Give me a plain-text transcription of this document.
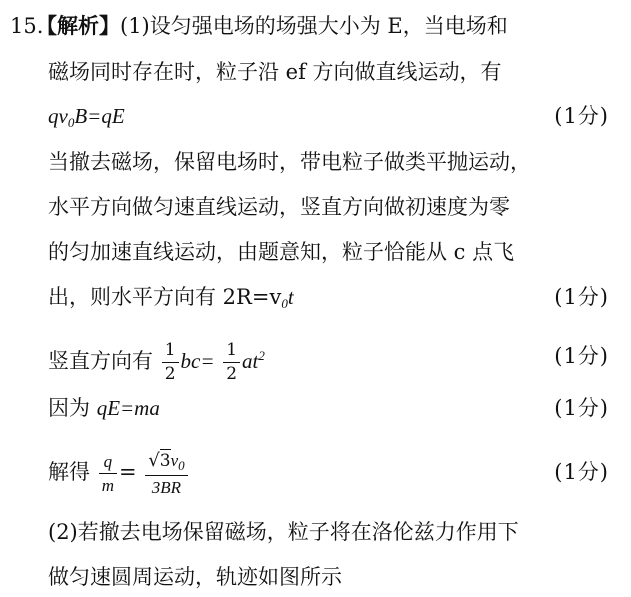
15.
【解析】(1)设匀强电场的场强大小为 E，当电场和
磁场同时存在时，粒子沿 ef 方向做直线运动，有
$qv_0B=qE$	(1分)
当撤去磁场，保留电场时，带电粒子做类平抛运动，
水平方向做匀速直线运动，竖直方向做初速度为零
的匀加速直线运动，由题意知，粒子恰能从 c 点飞
出，则水平方向有 $2R=v_0t$	(1分)
竖直方向有 $\frac{1}{2} bc= \frac{1}{2} at^2$	(1分)
因为 qE=ma	(1分)
解得 $\frac{q}{m} = \frac{√3v_0}{3BR}$	(1分)
(2)若撤去电场保留磁场，粒子将在洛伦兹力作用下
做匀速圆周运动，轨迹如图所示
